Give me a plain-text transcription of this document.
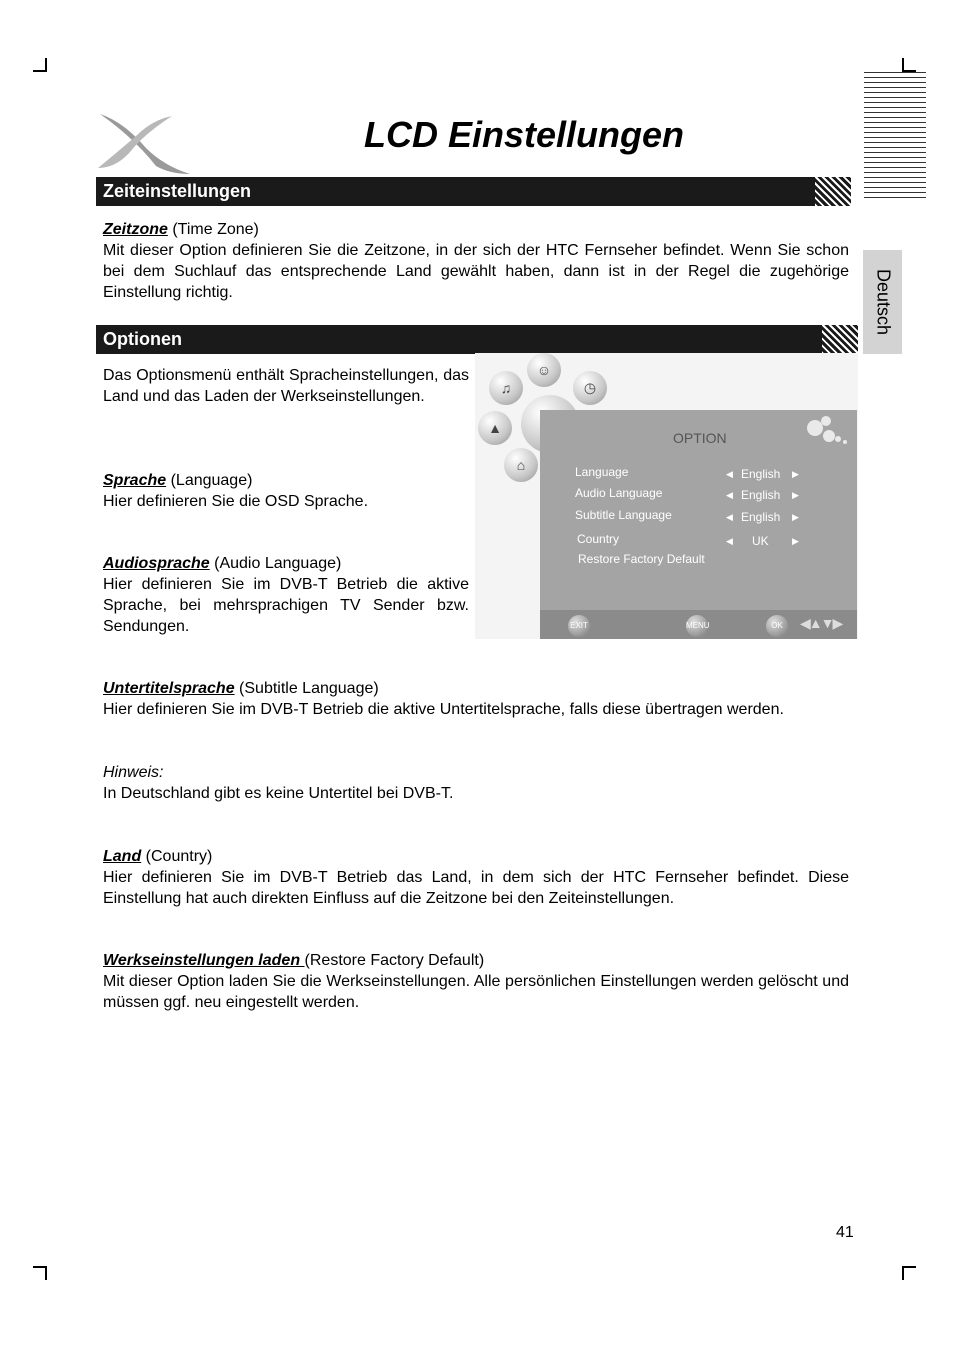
Deutsch
LCD Einstellungen
Zeiteinstellungen
Zeitzone (Time Zone)
Mit dieser Option definieren Sie die Zeitzone, in der sich der HTC Fernseher befindet. Wenn Sie schon bei dem Suchlauf das entsprechende Land gewählt haben, dann ist in der Regel die zugehörige Einstellung richtig.
Optionen
Das Optionsmenü enthält Spracheinstellungen, das Land und das Laden der Werkseinstellungen.
Sprache (Language)
Hier definieren Sie die OSD Sprache.
Audiosprache (Audio Language)
Hier definieren Sie im DVB-T Betrieb die aktive Sprache, bei mehrsprachigen TV Sender bzw. Sendungen.
☺
♫	◷
▲
⌂
OPTION
Language	◀ English ▶
Audio Language	◀ English ▶
Subtitle Language	◀ English ▶
Country	◀ UK	▶
Restore Factory Default
EXIT	MENU	OK	◀▲▼▶
Untertitelsprache (Subtitle Language)
Hier definieren Sie im DVB-T Betrieb die aktive Untertitelsprache, falls diese übertragen werden.
Hinweis:
In Deutschland gibt es keine Untertitel bei DVB-T.
Land (Country)
Hier definieren Sie im DVB-T Betrieb das Land, in dem sich der HTC Fernseher befindet. Diese Einstellung hat auch direkten Einfluss auf die Zeitzone bei den Zeiteinstellungen.
Werkseinstellungen laden (Restore Factory Default)
Mit dieser Option laden Sie die Werkseinstellungen. Alle persönlichen Einstellungen werden gelöscht und müssen ggf. neu eingestellt werden.
41
